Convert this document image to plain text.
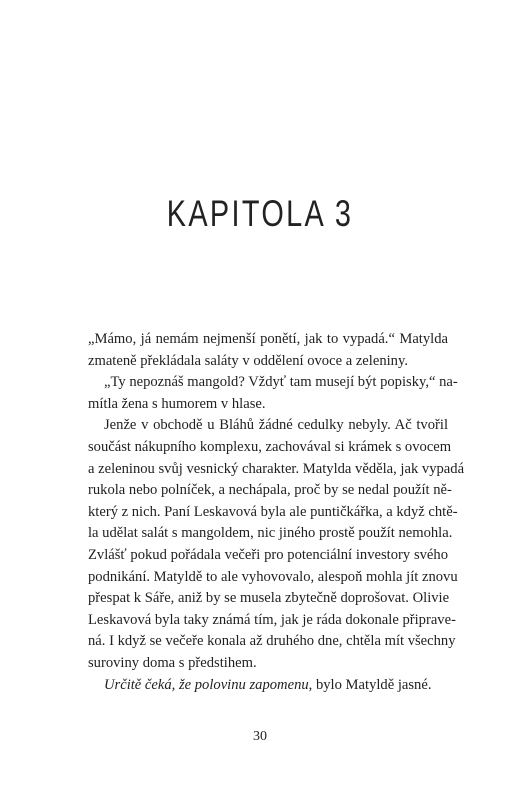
KAPITOLA 3
„Mámo, já nemám nejmenší ponětí, jak to vypadá.“ Matylda
zmateně překládala saláty v oddělení ovoce a zeleniny.
„Ty nepoznáš mangold? Vždyť tam musejí být popisky,“ na-
mítla žena s humorem v hlase.
Jenže v obchodě u Bláhů žádné cedulky nebyly. Ač tvořil
součást nákupního komplexu, zachovával si krámek s ovocem
a zeleninou svůj vesnický charakter. Matylda věděla, jak vypadá
rukola nebo polníček, a nechápala, proč by se nedal použít ně-
který z nich. Paní Leskavová byla ale puntičkářka, a když chtě-
la udělat salát s mangoldem, nic jiného prostě použít nemohla.
Zvlášť pokud pořádala večeři pro potenciální investory svého
podnikání. Matyldě to ale vyhovovalo, alespoň mohla jít znovu
přespat k Sáře, aniž by se musela zbytečně doprošovat. Olivie
Leskavová byla taky známá tím, jak je ráda dokonale připrave-
ná. I když se večeře konala až druhého dne, chtěla mít všechny
suroviny doma s předstihem.
Určitě čeká, že polovinu zapomenu, bylo Matyldě jasné.
30
